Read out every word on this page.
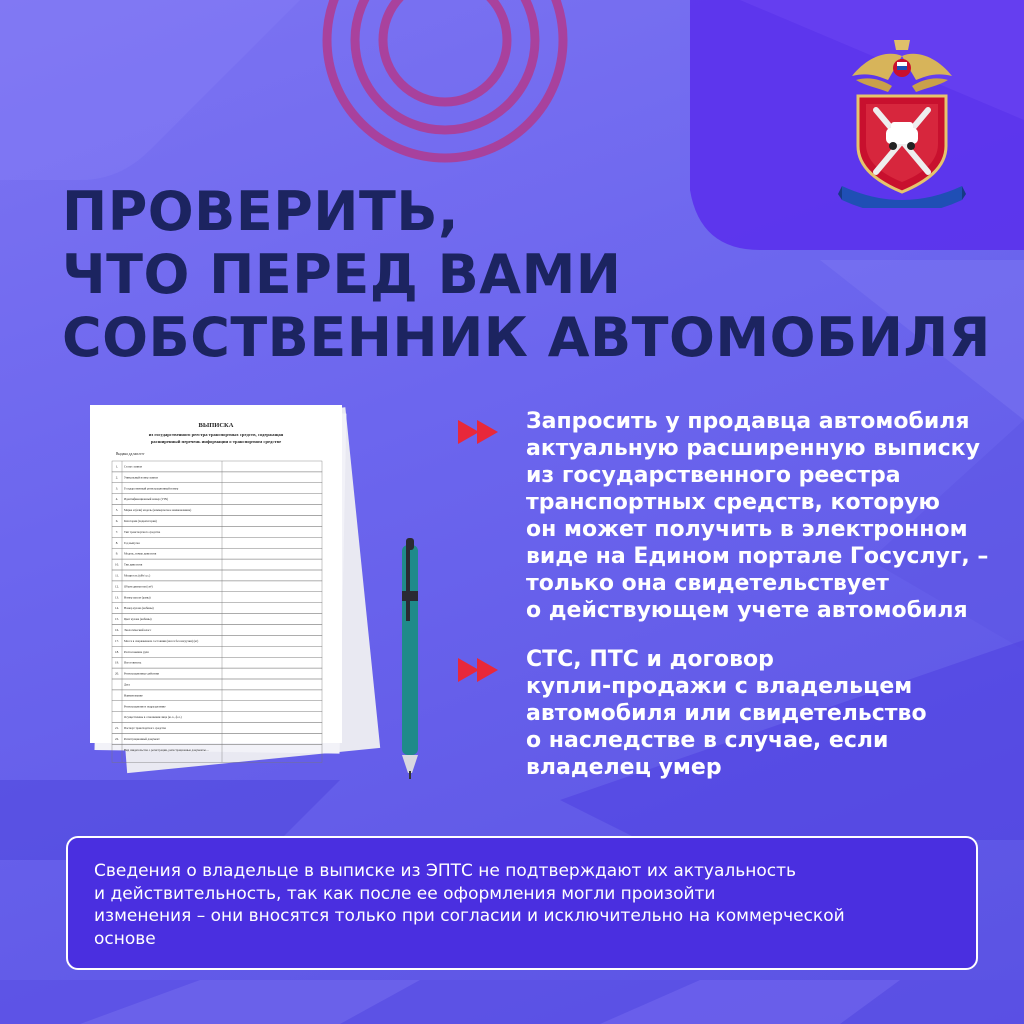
ПРОВЕРИТЬ,
ЧТО ПЕРЕД ВАМИ
СОБСТВЕННИК АВТОМОБИЛЯ
ВЫПИСКА
из государственного реестра транспортных средств, содержащая
расширенный перечень информации о транспортном средстве
Выдана дд.мм.гггг
1. Статус записи
2. Уникальный номер записи
3. Государственный регистрационный номер
4. Идентификационный номер (VIN)
5. Марка и (или) модель (коммерческое наименование)
6. Категория (подкатегория)
7. Тип транспортного средства
8. Год выпуска
9. Модель, номер двигателя
10. Тип двигателя
11. Мощность (кВт/л.с.)
12. Объем двигателя (см³)
13. Номер шасси (рамы)
14. Номер кузова (кабины)
15. Цвет кузова (кабины)
16. Экологический класс
17. Масса в снаряженном состоянии (масса без нагрузки) (кг)
18. Расположение руля
19. Изготовитель
20. Регистрационные действия
Дата
Наименование
Регистрационное подразделение
Осуществлены в отношении лица (ю.л., ф.л.)
21. Паспорт транспортного средства
22. Регистрационный документ
Вид свидетельства о регистрации, регистрационные документы…

Запросить у продавца автомобиля
актуальную расширенную выписку
из государственного реестра
транспортных средств, которую
он может получить в электронном
виде на Едином портале Госуслуг, –
только она свидетельствует
о действующем учете автомобиля

СТС, ПТС и договор
купли-продажи с владельцем
автомобиля или свидетельство
о наследстве в случае, если
владелец умер

Сведения о владельце в выписке из ЭПТС не подтверждают их актуальность
и действительность, так как после ее оформления могли произойти
изменения – они вносятся только при согласии и исключительно на коммерческой
основе
